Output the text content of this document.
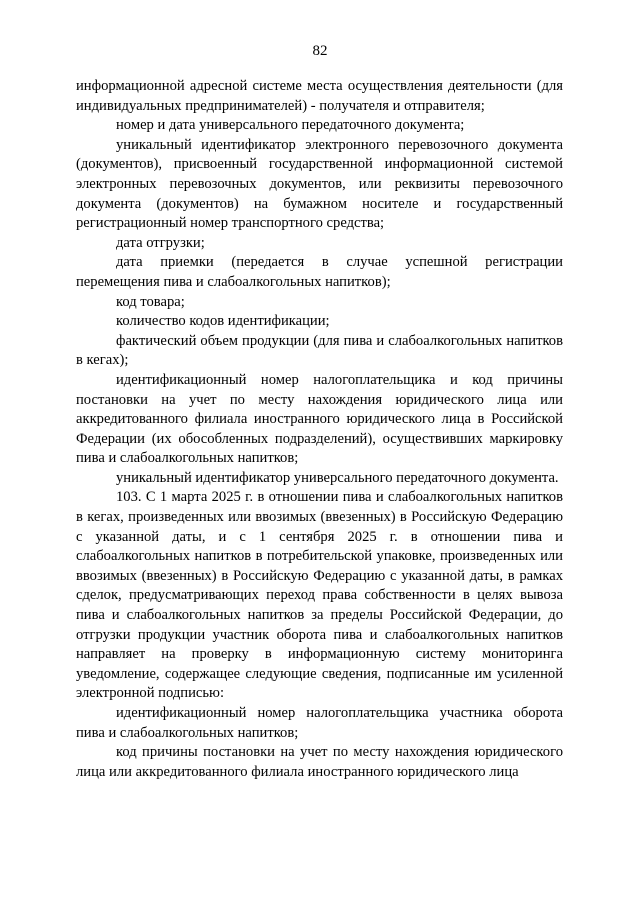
82

информационной адресной системе места осуществления деятельности (для индивидуальных предпринимателей) - получателя и отправителя;

номер и дата универсального передаточного документа;

уникальный идентификатор электронного перевозочного документа (документов), присвоенный государственной информационной системой электронных перевозочных документов, или реквизиты перевозочного документа (документов) на бумажном носителе и государственный регистрационный номер транспортного средства;

дата отгрузки;

дата приемки (передается в случае успешной регистрации перемещения пива и слабоалкогольных напитков);

код товара;

количество кодов идентификации;

фактический объем продукции (для пива и слабоалкогольных напитков в кегах);

идентификационный номер налогоплательщика и код причины постановки на учет по месту нахождения юридического лица или аккредитованного филиала иностранного юридического лица в Российской Федерации (их обособленных подразделений), осуществивших маркировку пива и слабоалкогольных напитков;

уникальный идентификатор универсального передаточного документа.

103. С 1 марта 2025 г. в отношении пива и слабоалкогольных напитков в кегах, произведенных или ввозимых (ввезенных) в Российскую Федерацию с указанной даты, и с 1 сентября 2025 г. в отношении пива и слабоалкогольных напитков в потребительской упаковке, произведенных или ввозимых (ввезенных) в Российскую Федерацию с указанной даты, в рамках сделок, предусматривающих переход права собственности в целях вывоза пива и слабоалкогольных напитков за пределы Российской Федерации, до отгрузки продукции участник оборота пива и слабоалкогольных напитков направляет на проверку в информационную систему мониторинга уведомление, содержащее следующие сведения, подписанные им усиленной электронной подписью:

идентификационный номер налогоплательщика участника оборота пива и слабоалкогольных напитков;

код причины постановки на учет по месту нахождения юридического лица или аккредитованного филиала иностранного юридического лица
